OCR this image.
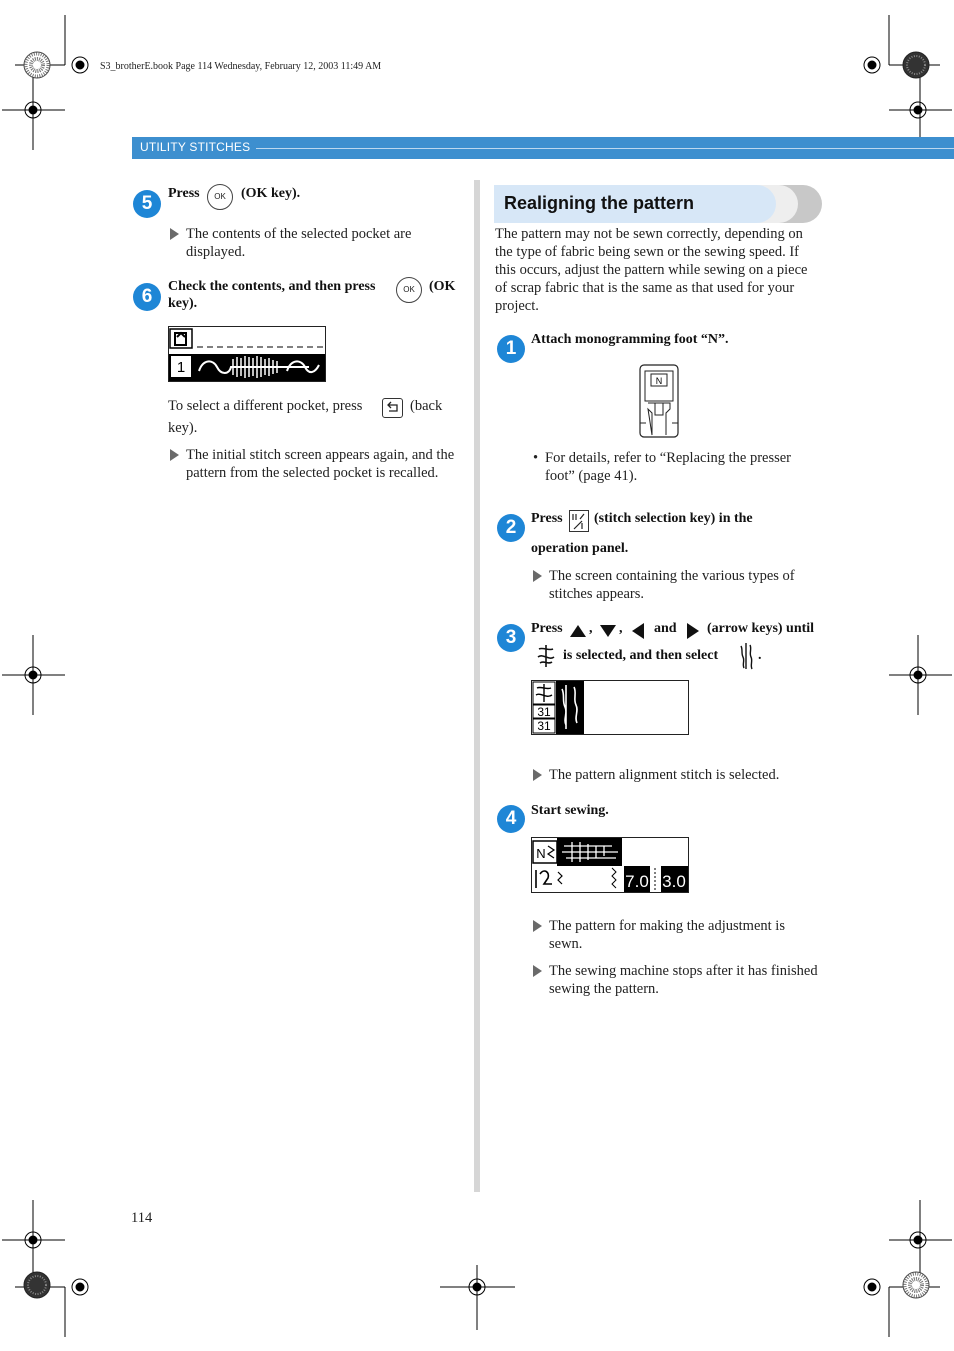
S3_brotherE.book Page 114 Wednesday, February 12, 2003 11:49 AM
UTILITY STITCHES
5	Press	OK	(OK key).
The contents of the selected pocket are displayed.
6	Check the contents, and then press	OK	(OK
key).
1
To select a different pocket, press	(back
key).
The initial stitch screen appears again, and the pattern from the selected pocket is recalled.
Realigning the pattern
The pattern may not be sewn correctly, depending on the type of fabric being sewn or the sewing speed. If this occurs, adjust the pattern while sewing on a piece of scrap fabric that is the same as that used for your project.
1	Attach monogramming foot “N”.
N
• For details, refer to “Replacing the presser foot” (page 41).
2	Press (stitch selection key) in the
operation panel.
The screen containing the various types of stitches appears.
3	Press , , and (arrow keys) until
is selected, and then select	.
31
31
The pattern alignment stitch is selected.
4	Start sewing.
N
7.0 3.0
The pattern for making the adjustment is sewn.
The sewing machine stops after it has finished sewing the pattern.
114
